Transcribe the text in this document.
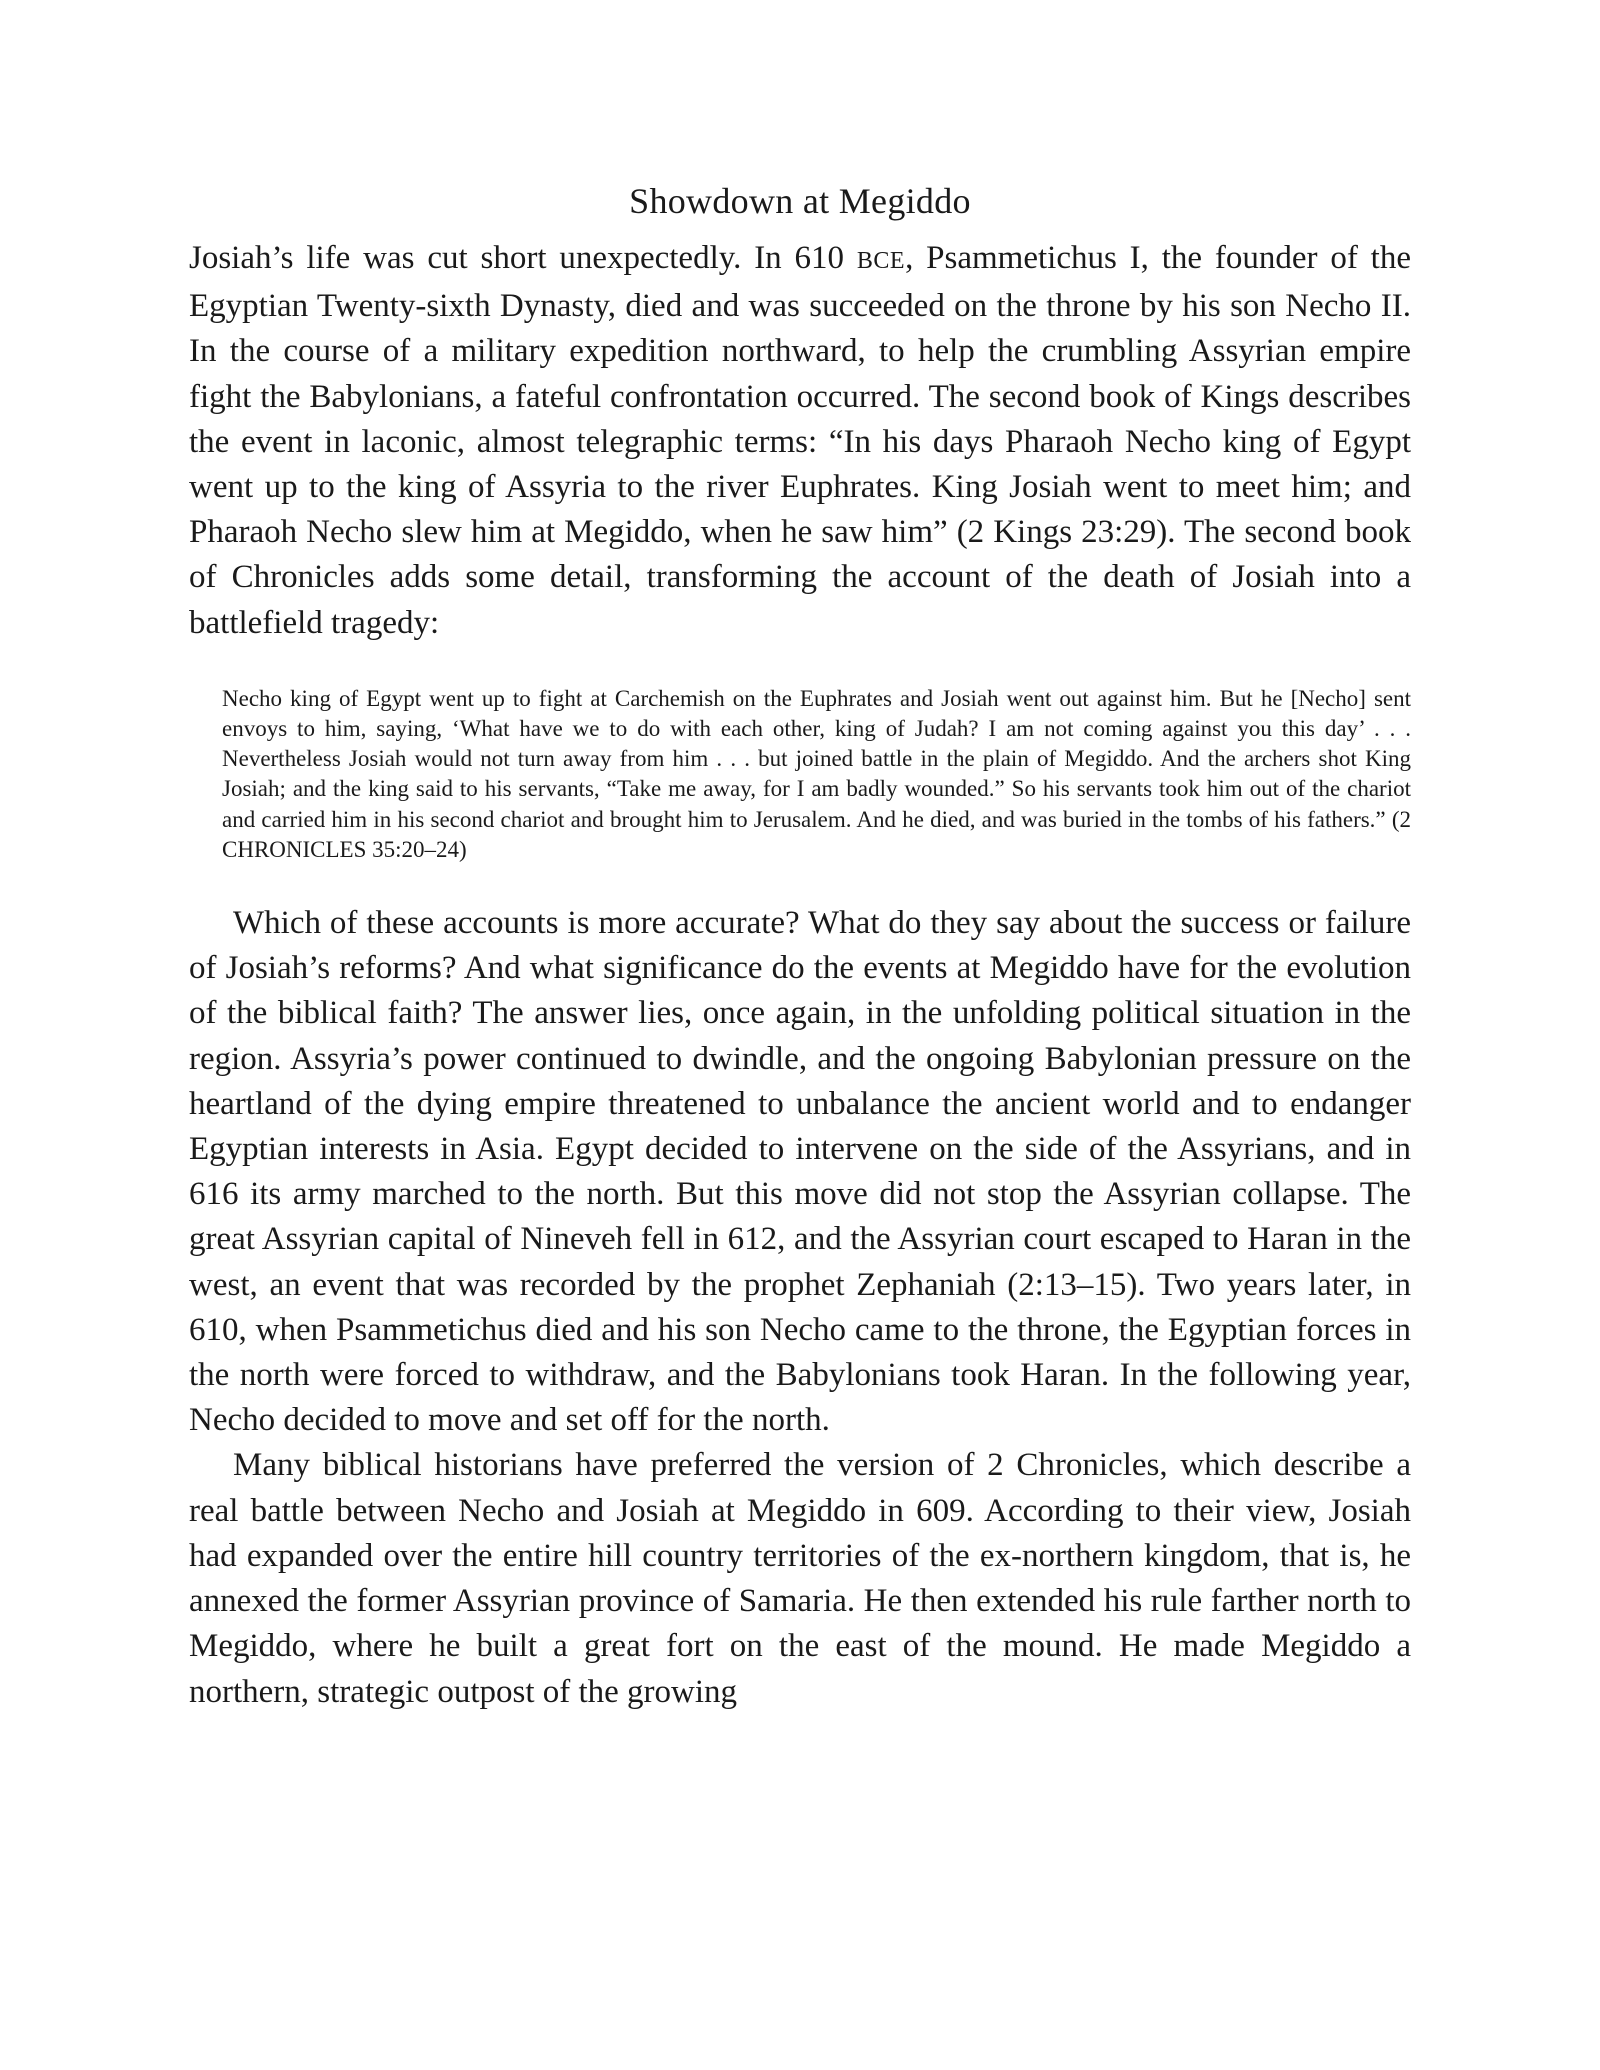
Showdown at Megiddo

Josiah’s life was cut short unexpectedly. In 610 BCE, Psammetichus I, the founder of the Egyptian Twenty-sixth Dynasty, died and was succeeded on the throne by his son Necho II. In the course of a military expedition northward, to help the crumbling Assyrian empire fight the Babylonians, a fateful confrontation occurred. The second book of Kings describes the event in laconic, almost telegraphic terms: “In his days Pharaoh Necho king of Egypt went up to the king of Assyria to the river Euphrates. King Josiah went to meet him; and Pharaoh Necho slew him at Megiddo, when he saw him” (2 Kings 23:29). The second book of Chronicles adds some detail, transforming the account of the death of Josiah into a battlefield tragedy:

Necho king of Egypt went up to fight at Carchemish on the Euphrates and Josiah went out against him. But he [Necho] sent envoys to him, saying, ‘What have we to do with each other, king of Judah? I am not coming against you this day’ . . . Nevertheless Josiah would not turn away from him . . . but joined battle in the plain of Megiddo. And the archers shot King Josiah; and the king said to his servants, “Take me away, for I am badly wounded.” So his servants took him out of the chariot and carried him in his second chariot and brought him to Jerusalem. And he died, and was buried in the tombs of his fathers.” (2 CHRONICLES 35:20–24)

Which of these accounts is more accurate? What do they say about the success or failure of Josiah’s reforms? And what significance do the events at Megiddo have for the evolution of the biblical faith? The answer lies, once again, in the unfolding political situation in the region. Assyria’s power continued to dwindle, and the ongoing Babylonian pressure on the heartland of the dying empire threatened to unbalance the ancient world and to endanger Egyptian interests in Asia. Egypt decided to intervene on the side of the Assyrians, and in 616 its army marched to the north. But this move did not stop the Assyrian collapse. The great Assyrian capital of Nineveh fell in 612, and the Assyrian court escaped to Haran in the west, an event that was recorded by the prophet Zephaniah (2:13–15). Two years later, in 610, when Psammetichus died and his son Necho came to the throne, the Egyptian forces in the north were forced to withdraw, and the Babylonians took Haran. In the following year, Necho decided to move and set off for the north.

Many biblical historians have preferred the version of 2 Chronicles, which describe a real battle between Necho and Josiah at Megiddo in 609. According to their view, Josiah had expanded over the entire hill country territories of the ex-northern kingdom, that is, he annexed the former Assyrian province of Samaria. He then extended his rule farther north to Megiddo, where he built a great fort on the east of the mound. He made Megiddo a northern, strategic outpost of the growing
